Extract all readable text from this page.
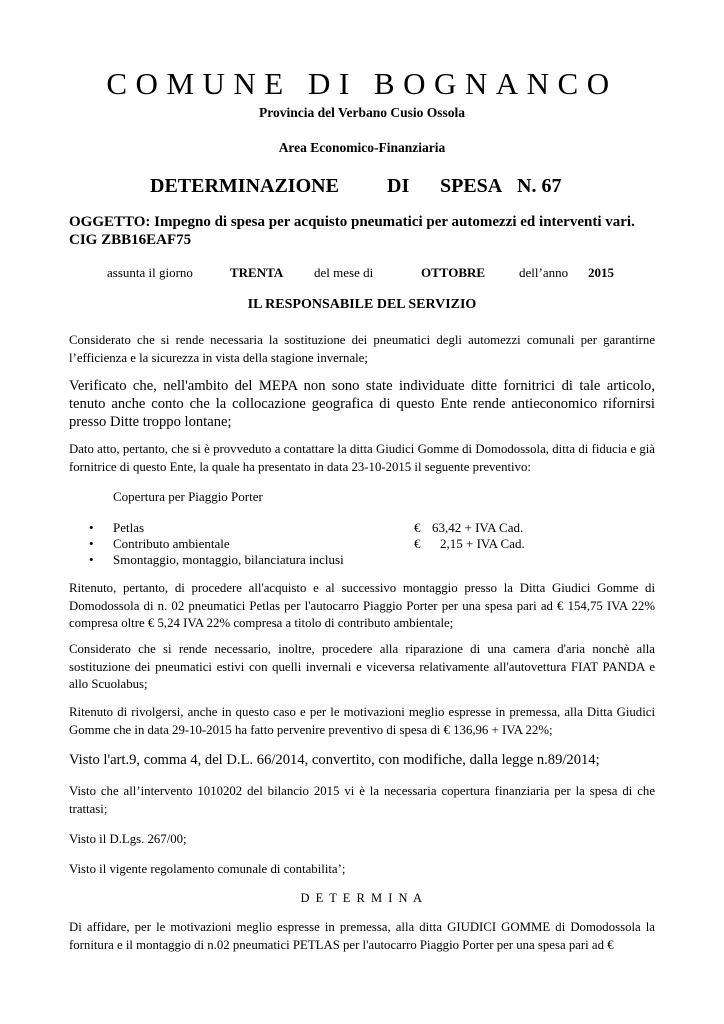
COMUNE DI BOGNANCO
Provincia del Verbano Cusio Ossola
Area Economico-Finanziaria
DETERMINAZIONE DI SPESA N. 67
OGGETTO: Impegno di spesa per acquisto pneumatici per automezzi ed interventi vari. CIG ZBB16EAF75
assunta il giorno	TRENTA del mese di	OTTOBRE	dell’anno 2015
IL RESPONSABILE DEL SERVIZIO
Considerato che si rende necessaria la sostituzione dei pneumatici degli automezzi comunali per garantirne l’efficienza e la sicurezza in vista della stagione invernale;
Verificato che, nell'ambito del MEPA non sono state individuate ditte fornitrici di tale articolo, tenuto anche conto che la collocazione geografica di questo Ente rende antieconomico rifornirsi presso Ditte troppo lontane;
Dato atto, pertanto, che si è provveduto a contattare la ditta Giudici Gomme di Domodossola, ditta di fiducia e già fornitrice di questo Ente, la quale ha presentato in data 23-10-2015 il seguente preventivo:
Copertura per Piaggio Porter
• Petlas	€ 63,42 + IVA Cad.
• Contributo ambientale	€ 2,15 + IVA Cad.
• Smontaggio, montaggio, bilanciatura inclusi
Ritenuto, pertanto, di procedere all'acquisto e al successivo montaggio presso la Ditta Giudici Gomme di Domodossola di n. 02 pneumatici Petlas per l'autocarro Piaggio Porter per una spesa pari ad € 154,75 IVA 22% compresa oltre € 5,24 IVA 22% compresa a titolo di contributo ambientale;
Considerato che si rende necessario, inoltre, procedere alla riparazione di una camera d'aria nonchè alla sostituzione dei pneumatici estivi con quelli invernali e viceversa relativamente all'autovettura FIAT PANDA e allo Scuolabus;
Ritenuto di rivolgersi, anche in questo caso e per le motivazioni meglio espresse in premessa, alla Ditta Giudici Gomme che in data 29-10-2015 ha fatto pervenire preventivo di spesa di € 136,96 + IVA 22%;
Visto l'art.9, comma 4, del D.L. 66/2014, convertito, con modifiche, dalla legge n.89/2014;
Visto che all’intervento 1010202 del bilancio 2015 vi è la necessaria copertura finanziaria per la spesa di che trattasi;
Visto il D.Lgs. 267/00;
Visto il vigente regolamento comunale di contabilita’;
D E T E R M I N A
Di affidare, per le motivazioni meglio espresse in premessa, alla ditta GIUDICI GOMME di Domodossola la fornitura e il montaggio di n.02 pneumatici PETLAS per l'autocarro Piaggio Porter per una spesa pari ad €
